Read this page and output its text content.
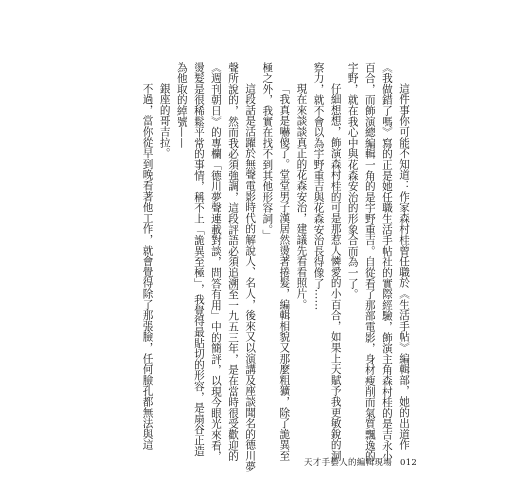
這件事你可能不知道：作家森村桂曾任職於《生活手帖》編輯部，她的出道作
《我做錯了嗎》寫的正是她任職生活手帖社的實際經驗，飾演主角森村桂的是吉永小
百合，而飾演總編輯一角的是宇野重吉。自從看了那部電影，身材瘦削而氣質飄逸的
宇野，就在我心中與花森安治的形象合而為一了。
仔細想想，飾演森村桂的可是那惹人憐愛的小百合，如果上天賦予我更敏銳的洞
察力，就不會以為宇野重吉與花森安治長得像了……
現在來談談真正的花森安治，建議先看看照片。
「我真是嚇傻了。堂堂男子漢居然燙著捲髮，編輯相貌又那麼粗獷，除了詭異至
極之外，我實在找不到其他形容詞。」
這段話是活躍於無聲電影時代的解說人、名人，後來又以演講及座談聞名的德川夢
聲所說的，然而我必須強調，這段評語必須追溯至一九五三年，是在當時很受歡迎的
《週刊朝日》的專欄「德川夢聲連載對談，問答有用」中的簡評，以現今眼光來看，
燙髮是很稀鬆平常的事情，稱不上「詭異至極」，我覺得最貼切的形容，是扇谷正造
為他取的綽號——
銀座的哥吉拉。
不過，當你從早到晚看著他工作，就會覺得除了那張臉，任何臉孔都無法與這
天才手藝人的編輯現場 012
